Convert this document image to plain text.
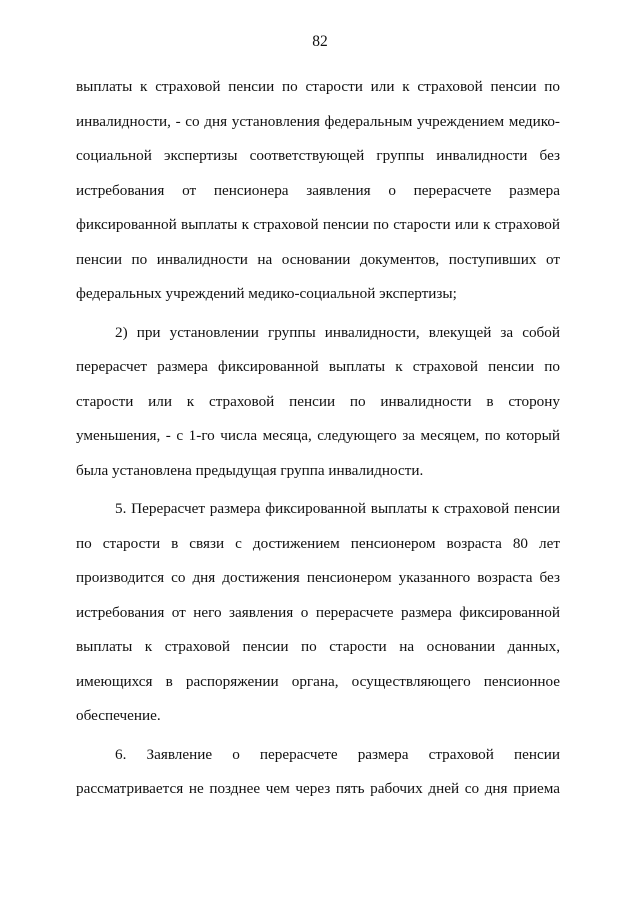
82
выплаты к страховой пенсии по старости или к страховой пенсии по
инвалидности, - со дня установления федеральным учреждением медико-
социальной экспертизы соответствующей группы инвалидности без
истребования от пенсионера заявления о перерасчете размера
фиксированной выплаты к страховой пенсии по старости или к страховой
пенсии по инвалидности на основании документов, поступивших от
федеральных учреждений медико-социальной экспертизы;
2) при установлении группы инвалидности, влекущей за собой
перерасчет размера фиксированной выплаты к страховой пенсии по
старости или к страховой пенсии по инвалидности в сторону
уменьшения, - с 1-го числа месяца, следующего за месяцем, по который
была установлена предыдущая группа инвалидности.
5. Перерасчет размера фиксированной выплаты к страховой пенсии
по старости в связи с достижением пенсионером возраста 80 лет
производится со дня достижения пенсионером указанного возраста без
истребования от него заявления о перерасчете размера фиксированной
выплаты к страховой пенсии по старости на основании данных,
имеющихся в распоряжении органа, осуществляющего пенсионное
обеспечение.
6. Заявление о перерасчете размера страховой пенсии
рассматривается не позднее чем через пять рабочих дней со дня приема
